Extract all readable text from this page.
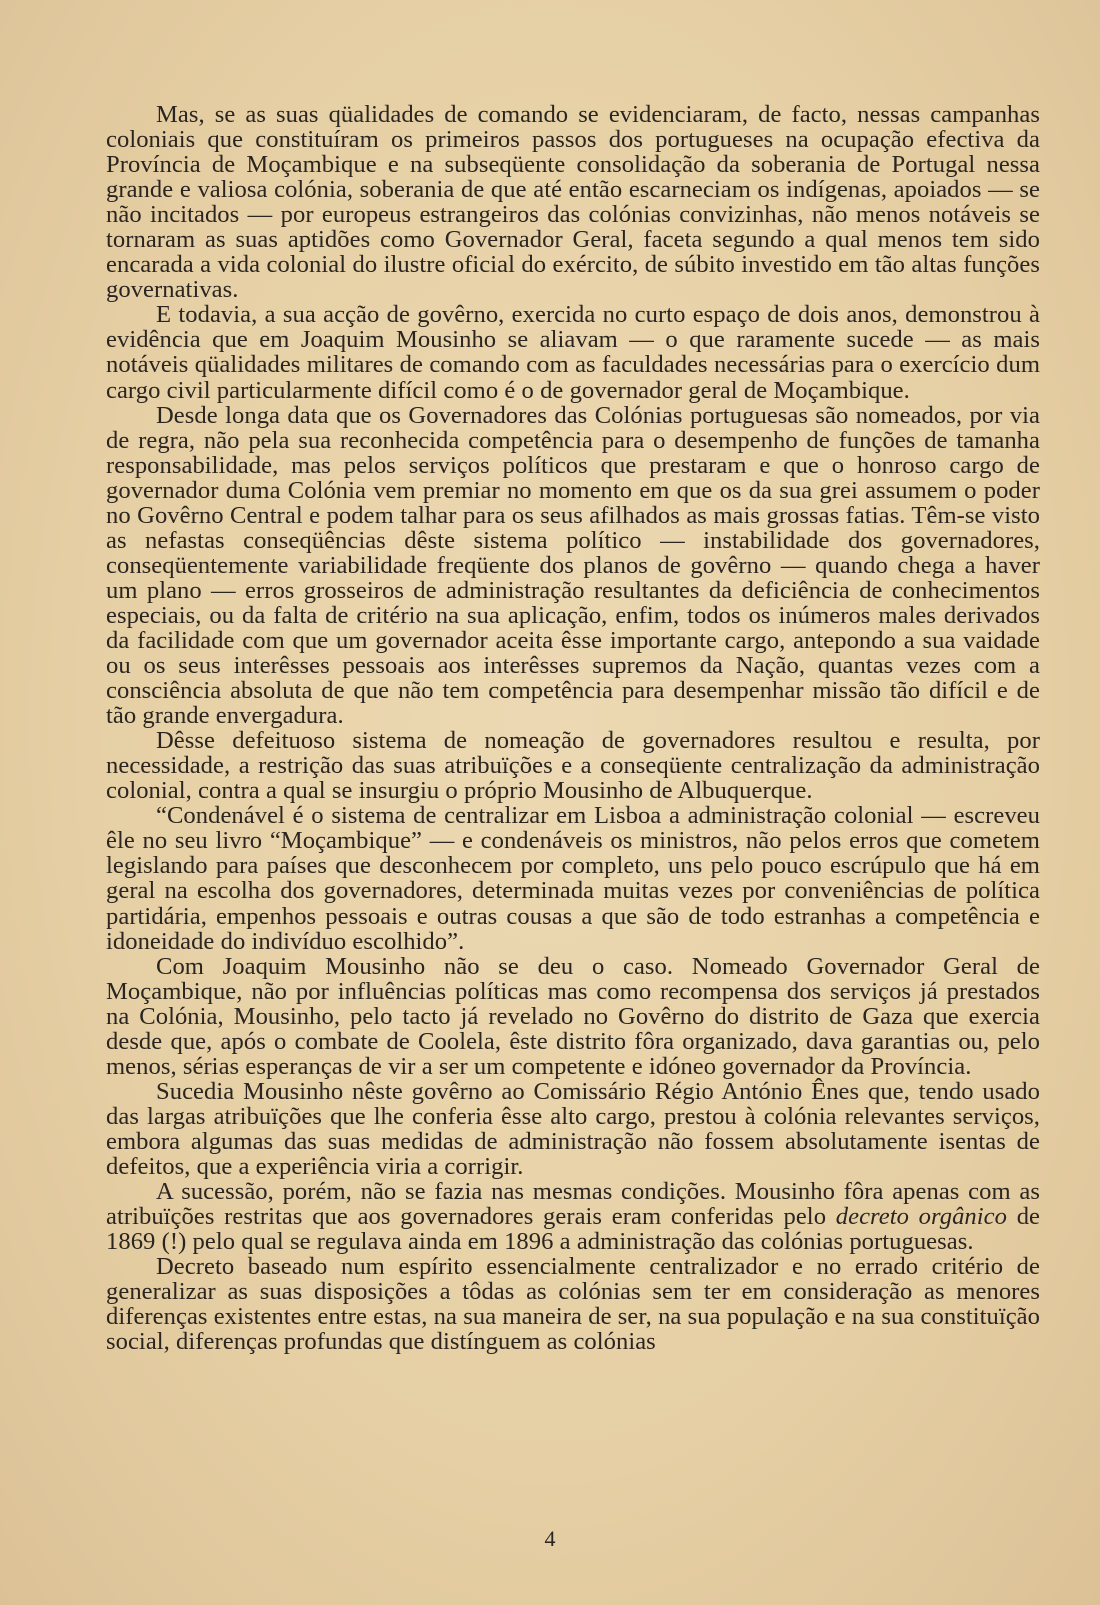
Mas, se as suas qüalidades de comando se evidenciaram, de facto, nessas campanhas coloniais que constituíram os primeiros passos dos portugueses na ocupação efectiva da Província de Moçambique e na subseqüente consolidação da soberania de Portugal nessa grande e valiosa colónia, soberania de que até então escarneciam os indígenas, apoiados — se não incitados — por europeus estrangeiros das colónias convizinhas, não menos notáveis se tornaram as suas aptidões como Governador Geral, faceta segundo a qual menos tem sido encarada a vida colonial do ilustre oficial do exército, de súbito investido em tão altas funções governativas.

E todavia, a sua acção de govêrno, exercida no curto espaço de dois anos, demonstrou à evidência que em Joaquim Mousinho se aliavam — o que raramente sucede — as mais notáveis qüalidades militares de comando com as faculdades necessárias para o exercício dum cargo civil particularmente difícil como é o de governador geral de Moçambique.

Desde longa data que os Governadores das Colónias portuguesas são nomeados, por via de regra, não pela sua reconhecida competência para o desempenho de funções de tamanha responsabilidade, mas pelos serviços políticos que prestaram e que o honroso cargo de governador duma Colónia vem premiar no momento em que os da sua grei assumem o poder no Govêrno Central e podem talhar para os seus afilhados as mais grossas fatias. Têm-se visto as nefastas conseqüências dêste sistema político — instabilidade dos governadores, conseqüentemente variabilidade freqüente dos planos de govêrno — quando chega a haver um plano — erros grosseiros de administração resultantes da deficiência de conhecimentos especiais, ou da falta de critério na sua aplicação, enfim, todos os inúmeros males derivados da facilidade com que um governador aceita êsse importante cargo, antepondo a sua vaidade ou os seus interêsses pessoais aos interêsses supremos da Nação, quantas vezes com a consciência absoluta de que não tem competência para desempenhar missão tão difícil e de tão grande envergadura.

Dêsse defeituoso sistema de nomeação de governadores resultou e resulta, por necessidade, a restrição das suas atribuïções e a conseqüente centralização da administração colonial, contra a qual se insurgiu o próprio Mousinho de Albuquerque.

“Condenável é o sistema de centralizar em Lisboa a administração colonial — escreveu êle no seu livro “Moçambique” — e condenáveis os ministros, não pelos erros que cometem legislando para países que desconhecem por completo, uns pelo pouco escrúpulo que há em geral na escolha dos governadores, determinada muitas vezes por conveniências de política partidária, empenhos pessoais e outras cousas a que são de todo estranhas a competência e idoneidade do indivíduo escolhido”.

Com Joaquim Mousinho não se deu o caso. Nomeado Governador Geral de Moçambique, não por influências políticas mas como recompensa dos serviços já prestados na Colónia, Mousinho, pelo tacto já revelado no Govêrno do distrito de Gaza que exercia desde que, após o combate de Coolela, êste distrito fôra organizado, dava garantias ou, pelo menos, sérias esperanças de vir a ser um competente e idóneo governador da Província.

Sucedia Mousinho nêste govêrno ao Comissário Régio António Ênes que, tendo usado das largas atribuïções que lhe conferia êsse alto cargo, prestou à colónia relevantes serviços, embora algumas das suas medidas de administração não fossem absolutamente isentas de defeitos, que a experiência viria a corrigir.

A sucessão, porém, não se fazia nas mesmas condições. Mousinho fôra apenas com as atribuïções restritas que aos governadores gerais eram conferidas pelo decreto orgânico de 1869 (!) pelo qual se regulava ainda em 1896 a administração das colónias portuguesas.

Decreto baseado num espírito essencialmente centralizador e no errado critério de generalizar as suas disposições a tôdas as colónias sem ter em consideração as menores diferenças existentes entre estas, na sua maneira de ser, na sua população e na sua constituïção social, diferenças profundas que distínguem as colónias

4
